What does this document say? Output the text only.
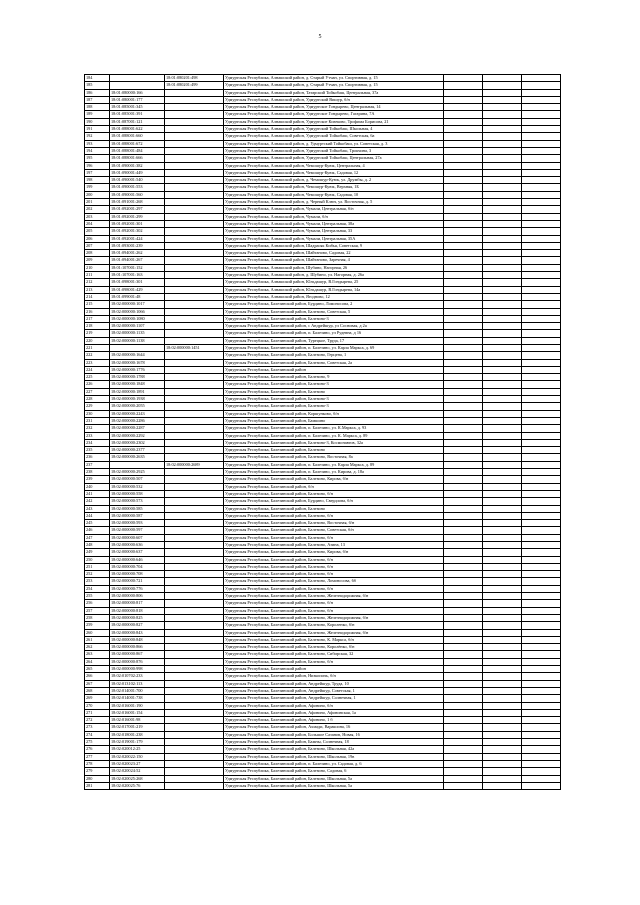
5
184		18:01:080201:498	Удмуртская Республика, Алнашский район, д. Старый Утчан, ул. Спортивная, д. 15			
185		18:01:080201:499	Удмуртская Республика, Алнашский район, д. Старый Утчан, ул. Спортивная, д. 15			
186	18:01:080000:166		Удмуртская Республика, Алнашский район, Татарский Тойкобаш, Центральная, 37а			
187	18:01:080001:177		Удмуртская Республика, Алнашский район, Удмуртский Вишур, б/н			
188	18:01:085001:345		Удмуртская Республика, Алнашский район, Удмуртское Гондырево, Центральная, 14			
189	18:01:085001:391		Удмуртская Республика, Алнашский район, Удмуртское Гондырево, Гагарина, 7А			
190	18:01:087001:121		Удмуртская Республика, Алнашский район, Удмуртское Кизеково, Трофима Борисова, 21			
191	18:01:088001:622		Удмуртская Республика, Алнашский район, Удмуртский Тойкобаш, Школьная, 4			
192	18:01:088001:660		Удмуртская Республика, Алнашский район, Удмуртский Тойкобаш, Советская, 6а			
193	18:01:088001:672		Удмуртская Республика, Алнашский район, д. Удмуртский Тойкобаш, ул. Советская, д. 3			
194	18:01:088001:484		Удмуртская Республика, Алнашский район, Удмуртский Тойкобаш, Трокчина, 3			
195	18:01:088001:666		Удмуртская Республика, Алнашский район, Удмуртский Тойкобаш, Центральная, 27а			
196	18:01:090001:382		Удмуртская Республика, Алнашский район, Чемошур-Куюк, Центральная, 4			
197	18:01:090001:449		Удмуртская Республика, Алнашский район, Чемошур-Куюк, Садовая, 12			
198	18:01:090001:540		Удмуртская Республика, Алнашский район, д. Чемошур-Куюк, ул. Дружбы, д. 2			
199	18:01:090001:553		Удмуртская Республика, Алнашский район, Чемошур-Куюк, Верхняя, 1Б			
200	18:01:090001:560		Удмуртская Республика, Алнашский район, Чемошур-Куюк, Садовая, 10			
201	18:01:091001:268		Удмуртская Республика, Алнашский район, д. Черный Ключ, ул. Восточная, д. 5			
202	18:01:092001:297		Удмуртская Республика, Алнашский район, Чумали, Центральная, б/н			
203	18:01:092001:299		Удмуртская Республика, Алнашский район, Чумали, б/н			
204	18:01:092001:301		Удмуртская Республика, Алнашский район, Чумали, Центральная, 38а			
205	18:01:092001:302		Удмуртская Республика, Алнашский район, Чумали, Центральная, 33			
206	18:01:092001:424		Удмуртская Республика, Алнашский район, Чумали, Центральная, 35А			
207	18:01:093001:239		Удмуртская Республика, Алнашский район, Шадрасяк Кибья, Советская, 9			
208	18:01:094001:262		Удмуртская Республика, Алнашский район, Шайтаново, Садовая, 22			
209	18:01:094001:267		Удмуртская Республика, Алнашский район, Шайтаново, Заречная, 4			
210	18:01:107001:152		Удмуртская Республика, Алнашский район, Шубино, Нагорная, 26			
211	18:01:107001:163		Удмуртская Республика, Алнашский район, д. Шубино, ул. Нагорная, д. 26а			
212	18:01:098001:301		Удмуртская Республика, Алнашский район, Юльдашур, В.Гондырева, 25			
213	18:01:098001:429		Удмуртская Республика, Алнашский район, Юльдашур, В.Гондырева, 14а			
214	18:01:099001:48		Удмуртская Республика, Алнашский район, Ягодново, 12			
215	18:02:000000:1017		Удмуртская Республика, Балезинский район, Бурдино, Ломоносова, 2			
216	18:02:000000:1066		Удмуртская Республика, Балезинский район, Балезино, Советская, 5			
217	18:02:000000:1080		Удмуртская Республика, Балезинский район, Балезино-3			
218	18:02:000000:1107		Удмуртская Республика, Балезинский район, с Андрейшур, ул Сосновая, д 2а			
219	18:02:000000:1135		Удмуртская Республика, Балезинский район, п. Балезино, ул Рудевна, д 16			
220	18:02:000000:1138		Удмуртская Республика, Балезинский район, Турецкое, Труда, 17			
221		18:02:000000:1451	Удмуртская Республика, Балезинский район, п. Балезино, ул. Карла Маркса, д. 69			
222	18:02:000000:1644		Удмуртская Республика, Балезинский район, Балезино, Герцена, 1			
223	18:02:000000:1678		Удмуртская Республика, Балезинский район, Балезино, Советская, 2а			
224	18:02:000000:1776		Удмуртская Республика, Балезинский район			
225	18:02:000000:1788		Удмуртская Республика, Балезинский район, Балезино, 9			
226	18:02:000000:1848		Удмуртская Республика, Балезинский район, Балезино-3			
227	18:02:000000:1891		Удмуртская Республика, Балезинский район, Балезино			
228	18:02:000000:1938		Удмуртская Республика, Балезинский район, Балезино-3			
229	18:02:000000:2055		Удмуртская Республика, Балезинский район, Балезино-3			
230	18:02:000000:2243		Удмуртская Республика, Балезинский район, Коршунково, б/н			
231	18:02:000000:2286		Удмуртская Республика, Балезинский район, Бамшино			
232	18:02:000000:2287		Удмуртская Республика, Балезинский район, п. Балезино, ул. К.Маркса, д. 93			
233	18:02:000000:2292		Удмуртская Республика, Балезинский район, п. Балезино, ул. К. Маркса, д. 89			
234	18:02:000000:2302		Удмуртская Республика, Балезинский район, Балезино-3, Космонавтов, 32а			
235	18:02:000000:2377		Удмуртская Республика, Балезинский район, Балезино			
236	18:02:000000:2635		Удмуртская Республика, Балезинский район, Балезино, Восточная, 8а			
237		18:02:000000:2689	Удмуртская Республика, Балезинский район, п. Балезино, ул. Карла Маркса, д. 89			
238	18:02:000000:2925		Удмуртская Республика, Балезинский район, п. Балезино, ул. Кирова, д. 18а			
239	18:02:000000:507		Удмуртская Республика, Балезинский район, Балезино, Кирова, б/н			
240	18:02:000000:532		Удмуртская Республика, Балезинский район, б/н			
241	18:02:000000:558		Удмуртская Республика, Балезинский район, Балезино, б/н			
242	18:02:000000:573		Удмуртская Республика, Балезинский район, Бурдино, Свердлова, б/н			
243	18:02:000000:585		Удмуртская Республика, Балезинский район, Балезино			
244	18:02:000000:587		Удмуртская Республика, Балезинский район, Балезино, б/н			
245	18:02:000000:593		Удмуртская Республика, Балезинский район, Балезино, Восточная, б/н			
246	18:02:000000:597		Удмуртская Республика, Балезинский район, Балезино, Советская, б/н			
247	18:02:000000:607		Удмуртская Республика, Балезинский район, Балезино, б/н			
248	18:02:000000:636		Удмуртская Республика, Балезинский район, Балезино, Азина, 13			
249	18:02:000000:637		Удмуртская Республика, Балезинский район, Балезино, Кирова, б/н			
250	18:02:000000:646		Удмуртская Республика, Балезинский район, Балезино, б/н			
251	18:02:000000:704		Удмуртская Республика, Балезинский район, Балезино, б/н			
252	18:02:000000:708		Удмуртская Республика, Балезинский район, Балезино, б/н			
253	18:02:000000:721		Удмуртская Республика, Балезинский район, Балезино, Ломоносова, 6б			
254	18:02:000000:776		Удмуртская Республика, Балезинский район, Балезино, б/н			
255	18:02:000000:806		Удмуртская Республика, Балезинский район, Балезино, Железнодорожная, б/н			
256	18:02:000000:817		Удмуртская Республика, Балезинский район, Балезино, б/н			
257	18:02:000000:818		Удмуртская Республика, Балезинский район, Балезино, б/н			
258	18:02:000000:825		Удмуртская Республика, Балезинский район, Балезино, Железнодорожная, б/н			
259	18:02:000000:827		Удмуртская Республика, Балезинский район, Балезино, Короленко, б/н			
260	18:02:000000:843		Удмуртская Республика, Балезинский район, Балезино, Железнодорожная, б/н			
261	18:02:000000:848		Удмуртская Республика, Балезинский район, Балезино, К. Маркса, б/н			
262	18:02:000000:866		Удмуртская Республика, Балезинский район, Балезино, Королёнко, б/н			
263	18:02:000000:867		Удмуртская Республика, Балезинский район, Балезино, Сибирская, 32			
264	18:02:000000:876		Удмуртская Республика, Балезинский район, Балезино, б/н			
265	18:02:000000:998		Удмуртская Республика, Балезинский район			
266	18:02:010702:233		Удмуртская Республика, Балезинский район, Низкопичь, б/н			
267	18:02:013102:113		Удмуртская Республика, Балезинский район, Андрейшур, Труда, 10			
268	18:02:014001:700		Удмуртская Республика, Балезинский район, Андрейшур, Советская, 1			
269	18:02:014001:738		Удмуртская Республика, Балезинский район, Андрейшур, Солнечная, 1			
270	18:02:016001:190		Удмуртская Республика, Балезинский район, Афонино, б/н			
271	18:02:016001:154		Удмуртская Республика, Балезинский район, Афонино, Афонинская, 1а			
272	18:02:016001:98		Удмуртская Республика, Балезинский район, Афонино, 1 б			
273	18:02:017001:219		Удмуртская Республика, Балезинский район, Ахмади, Вараксина, 16			
274	18:02:018001:238		Удмуртская Республика, Балезинский район, Большое Сазанов, Новая, 16			
275	18:02:019001:179		Удмуртская Республика, Балезинский район, Бажны, Солнечная, 18			
276	18:02:020012:25		Удмуртская Республика, Балезинский район, Балезино, Школьная, 42а			
277	18:02:020022:150		Удмуртская Республика, Балезинский район, Балезино, Школьная, 19в			
278	18:02:020023:27		Удмуртская Республика, Балезинский район, п. Балезино, ул. Садовая, д. 6			
279	18:02:020024:52		Удмуртская Республика, Балезинский район, Балезино, Садовая, 6			
280	18:02:020025:268		Удмуртская Республика, Балезинский район, Балезино, Школьная, 5а			
281	18:02:020025:76		Удмуртская Республика, Балезинский район, Балезино, Школьная, 5а			
